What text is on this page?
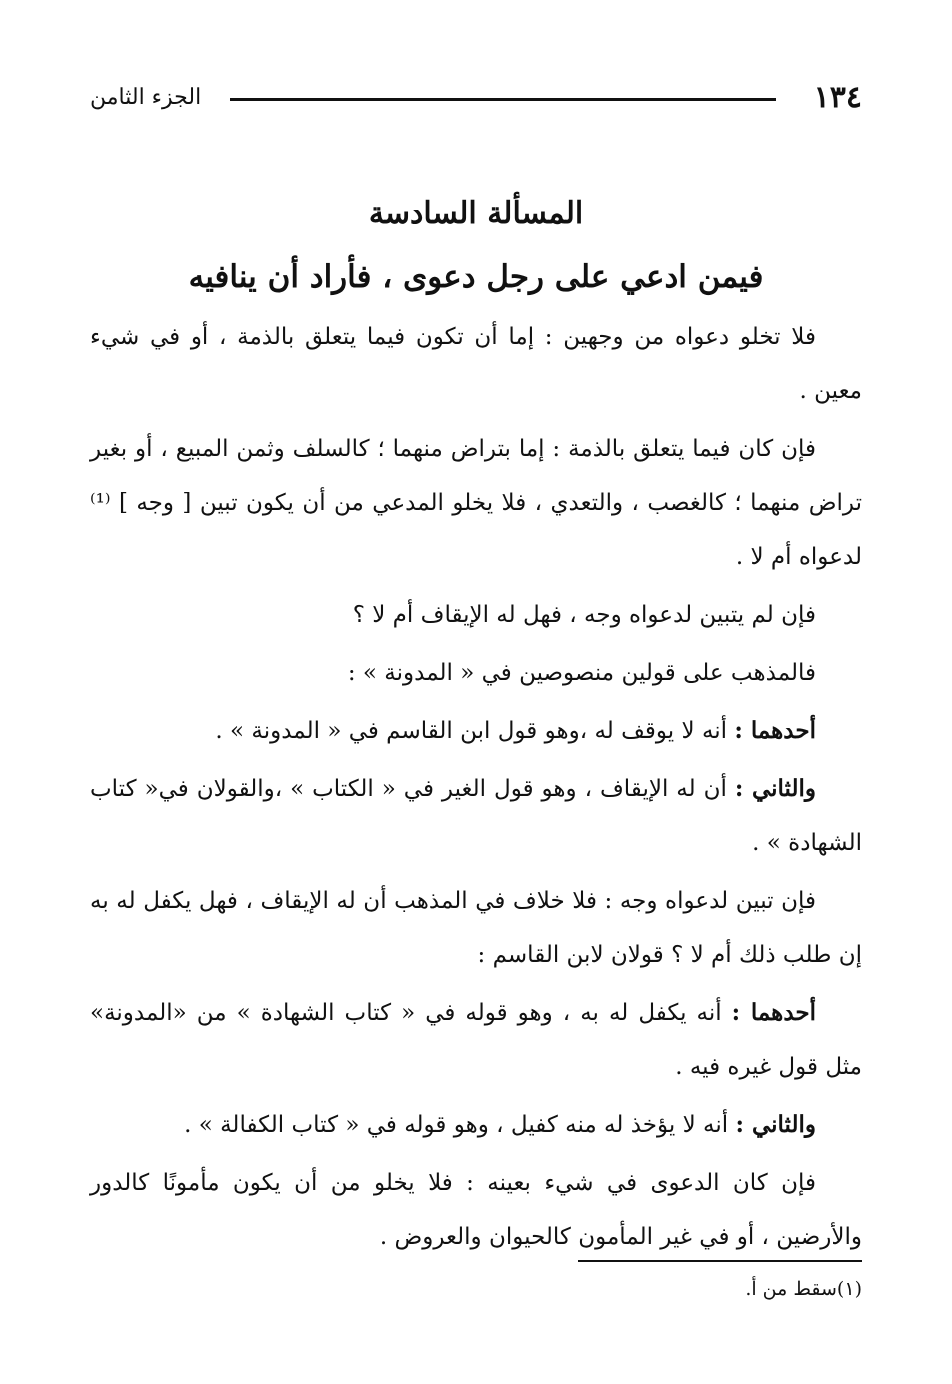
١٣٤
الجزء الثامن
المسألة السادسة
فيمن ادعي على رجل دعوى ، فأراد أن ينافيه

فلا تخلو دعواه من وجهين : إما أن تكون فيما يتعلق بالذمة ، أو في شيء معين .

فإن كان فيما يتعلق بالذمة : إما بتراض منهما ؛ كالسلف وثمن المبيع ، أو بغير تراض منهما ؛ كالغصب ، والتعدي ، فلا يخلو المدعي من أن يكون تبين [ وجه ] ⁽¹⁾ لدعواه أم لا .

فإن لم يتبين لدعواه وجه ، فهل له الإيقاف أم لا ؟

فالمذهب على قولين منصوصين في « المدونة » :

أحدهما : أنه لا يوقف له ،وهو قول ابن القاسم في « المدونة » .

والثاني : أن له الإيقاف ، وهو قول الغير في « الكتاب » ،والقولان في« كتاب الشهادة » .

فإن تبين لدعواه وجه : فلا خلاف في المذهب أن له الإيقاف ، فهل يكفل له به إن طلب ذلك أم لا ؟ قولان لابن القاسم :

أحدهما : أنه يكفل له به ، وهو قوله في « كتاب الشهادة » من «المدونة» مثل قول غيره فيه .

والثاني : أنه لا يؤخذ له منه كفيل ، وهو قوله في « كتاب الكفالة » .

فإن كان الدعوى في شيء بعينه : فلا يخلو من أن يكون مأمونًا كالدور والأرضين ، أو في غير المأمون كالحيوان والعروض .

(١)سقط من أ.
